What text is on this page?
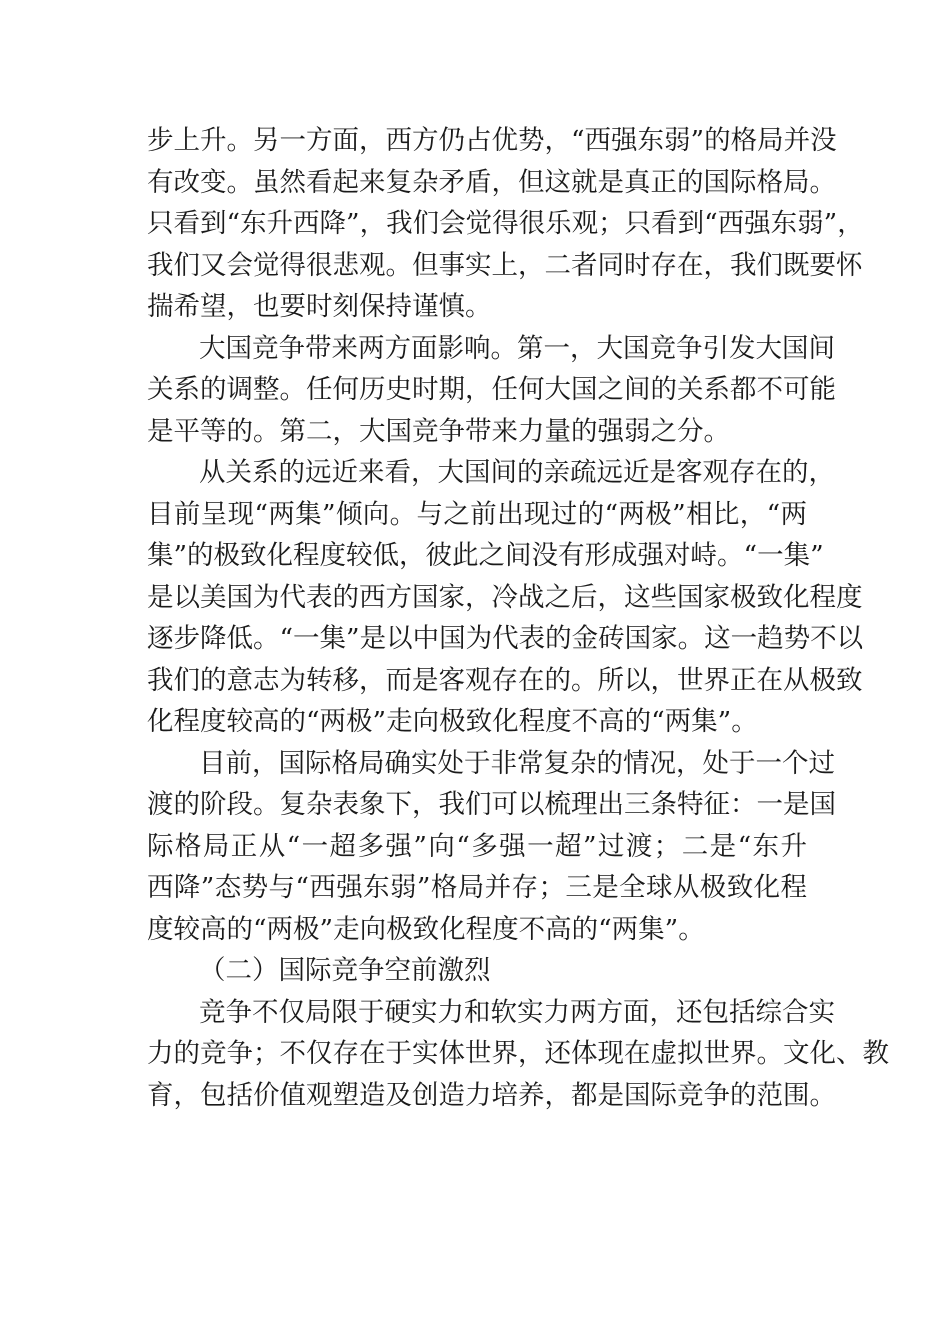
步上升。另一方面，西方仍占优势，“西强东弱”的格局并没
有改变。虽然看起来复杂矛盾，但这就是真正的国际格局。
只看到“东升西降”，我们会觉得很乐观；只看到“西强东弱”，
我们又会觉得很悲观。但事实上，二者同时存在，我们既要怀
揣希望，也要时刻保持谨慎。

大国竞争带来两方面影响。第一，大国竞争引发大国间
关系的调整。任何历史时期，任何大国之间的关系都不可能
是平等的。第二，大国竞争带来力量的强弱之分。

从关系的远近来看，大国间的亲疏远近是客观存在的，
目前呈现“两集”倾向。与之前出现过的“两极”相比，“两
集”的极致化程度较低，彼此之间没有形成强对峙。“一集”
是以美国为代表的西方国家，冷战之后，这些国家极致化程度
逐步降低。“一集”是以中国为代表的金砖国家。这一趋势不以
我们的意志为转移，而是客观存在的。所以，世界正在从极致
化程度较高的“两极”走向极致化程度不高的“两集”。

目前，国际格局确实处于非常复杂的情况，处于一个过
渡的阶段。复杂表象下，我们可以梳理出三条特征：一是国
际格局正从“一超多强”向“多强一超”过渡；二是“东升
西降”态势与“西强东弱”格局并存；三是全球从极致化程
度较高的“两极”走向极致化程度不高的“两集”。

（二）国际竞争空前激烈

竞争不仅局限于硬实力和软实力两方面，还包括综合实
力的竞争；不仅存在于实体世界，还体现在虚拟世界。文化、教
育，包括价值观塑造及创造力培养，都是国际竞争的范围。
